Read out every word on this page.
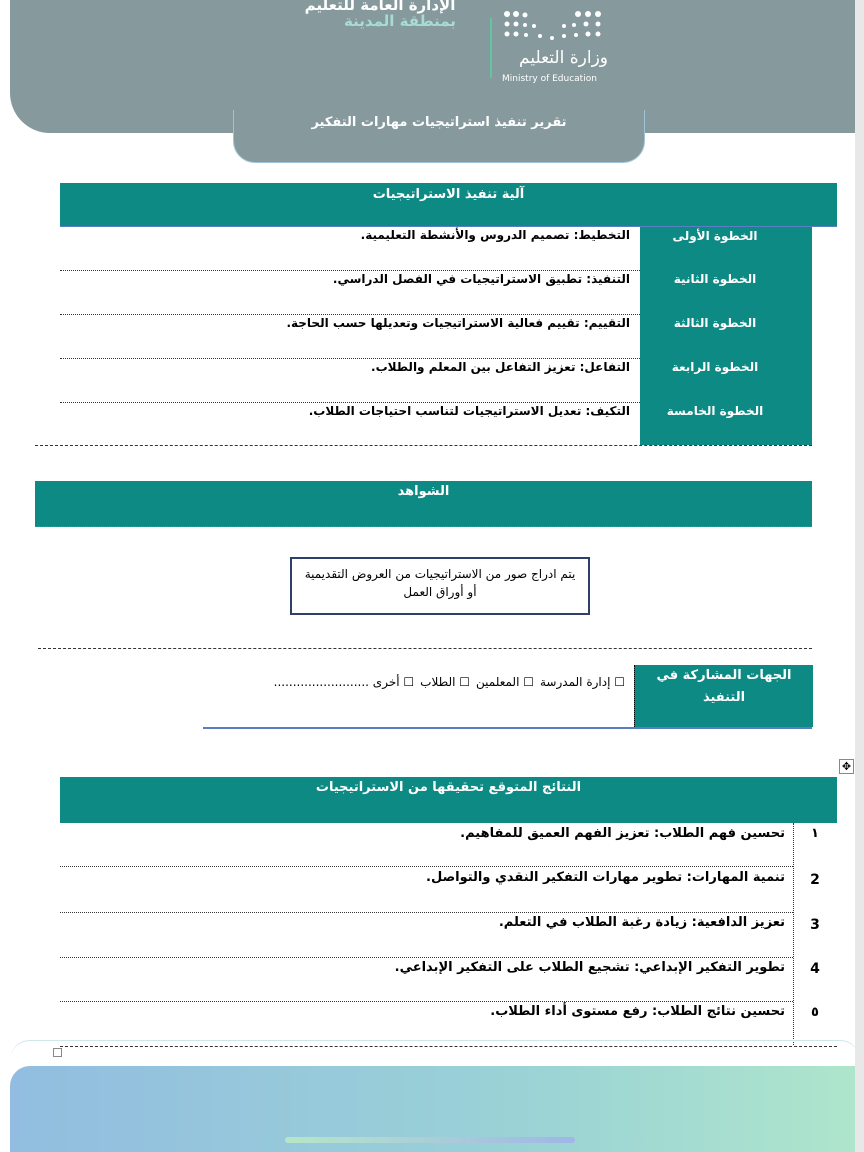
الإدارة العامة للتعليم
بمنطقة المدينة
وزارة التعليم
Ministry of Education
تقرير تنفيذ استراتيجيات مهارات التفكير
آلية تنفيذ الاستراتيجيات
الخطوة الأولى
التخطيط: تصميم الدروس والأنشطة التعليمية.
الخطوة الثانية
التنفيذ: تطبيق الاستراتيجيات في الفصل الدراسي.
الخطوة الثالثة
التقييم: تقييم فعالية الاستراتيجيات وتعديلها حسب الحاجة.
الخطوة الرابعة
التفاعل: تعزيز التفاعل بين المعلم والطلاب.
الخطوة الخامسة
التكيف: تعديل الاستراتيجيات لتناسب احتياجات الطلاب.
الشواهد
يتم ادراج صور من الاستراتيجيات من العروض التقديمية أو أوراق العمل
الجهات المشاركة في التنفيذ
☐ إدارة المدرسة
☐ المعلمين
☐ الطلاب
☐ أخرى .........................
✥
النتائج المتوقع تحقيقها من الاستراتيجيات
١
تحسين فهم الطلاب: تعزيز الفهم العميق للمفاهيم.
2
تنمية المهارات: تطوير مهارات التفكير النقدي والتواصل.
3
تعزيز الدافعية: زيادة رغبة الطلاب في التعلم.
4
تطوير التفكير الإبداعي: تشجيع الطلاب على التفكير الإبداعي.
٥
تحسين نتائج الطلاب: رفع مستوى أداء الطلاب.
